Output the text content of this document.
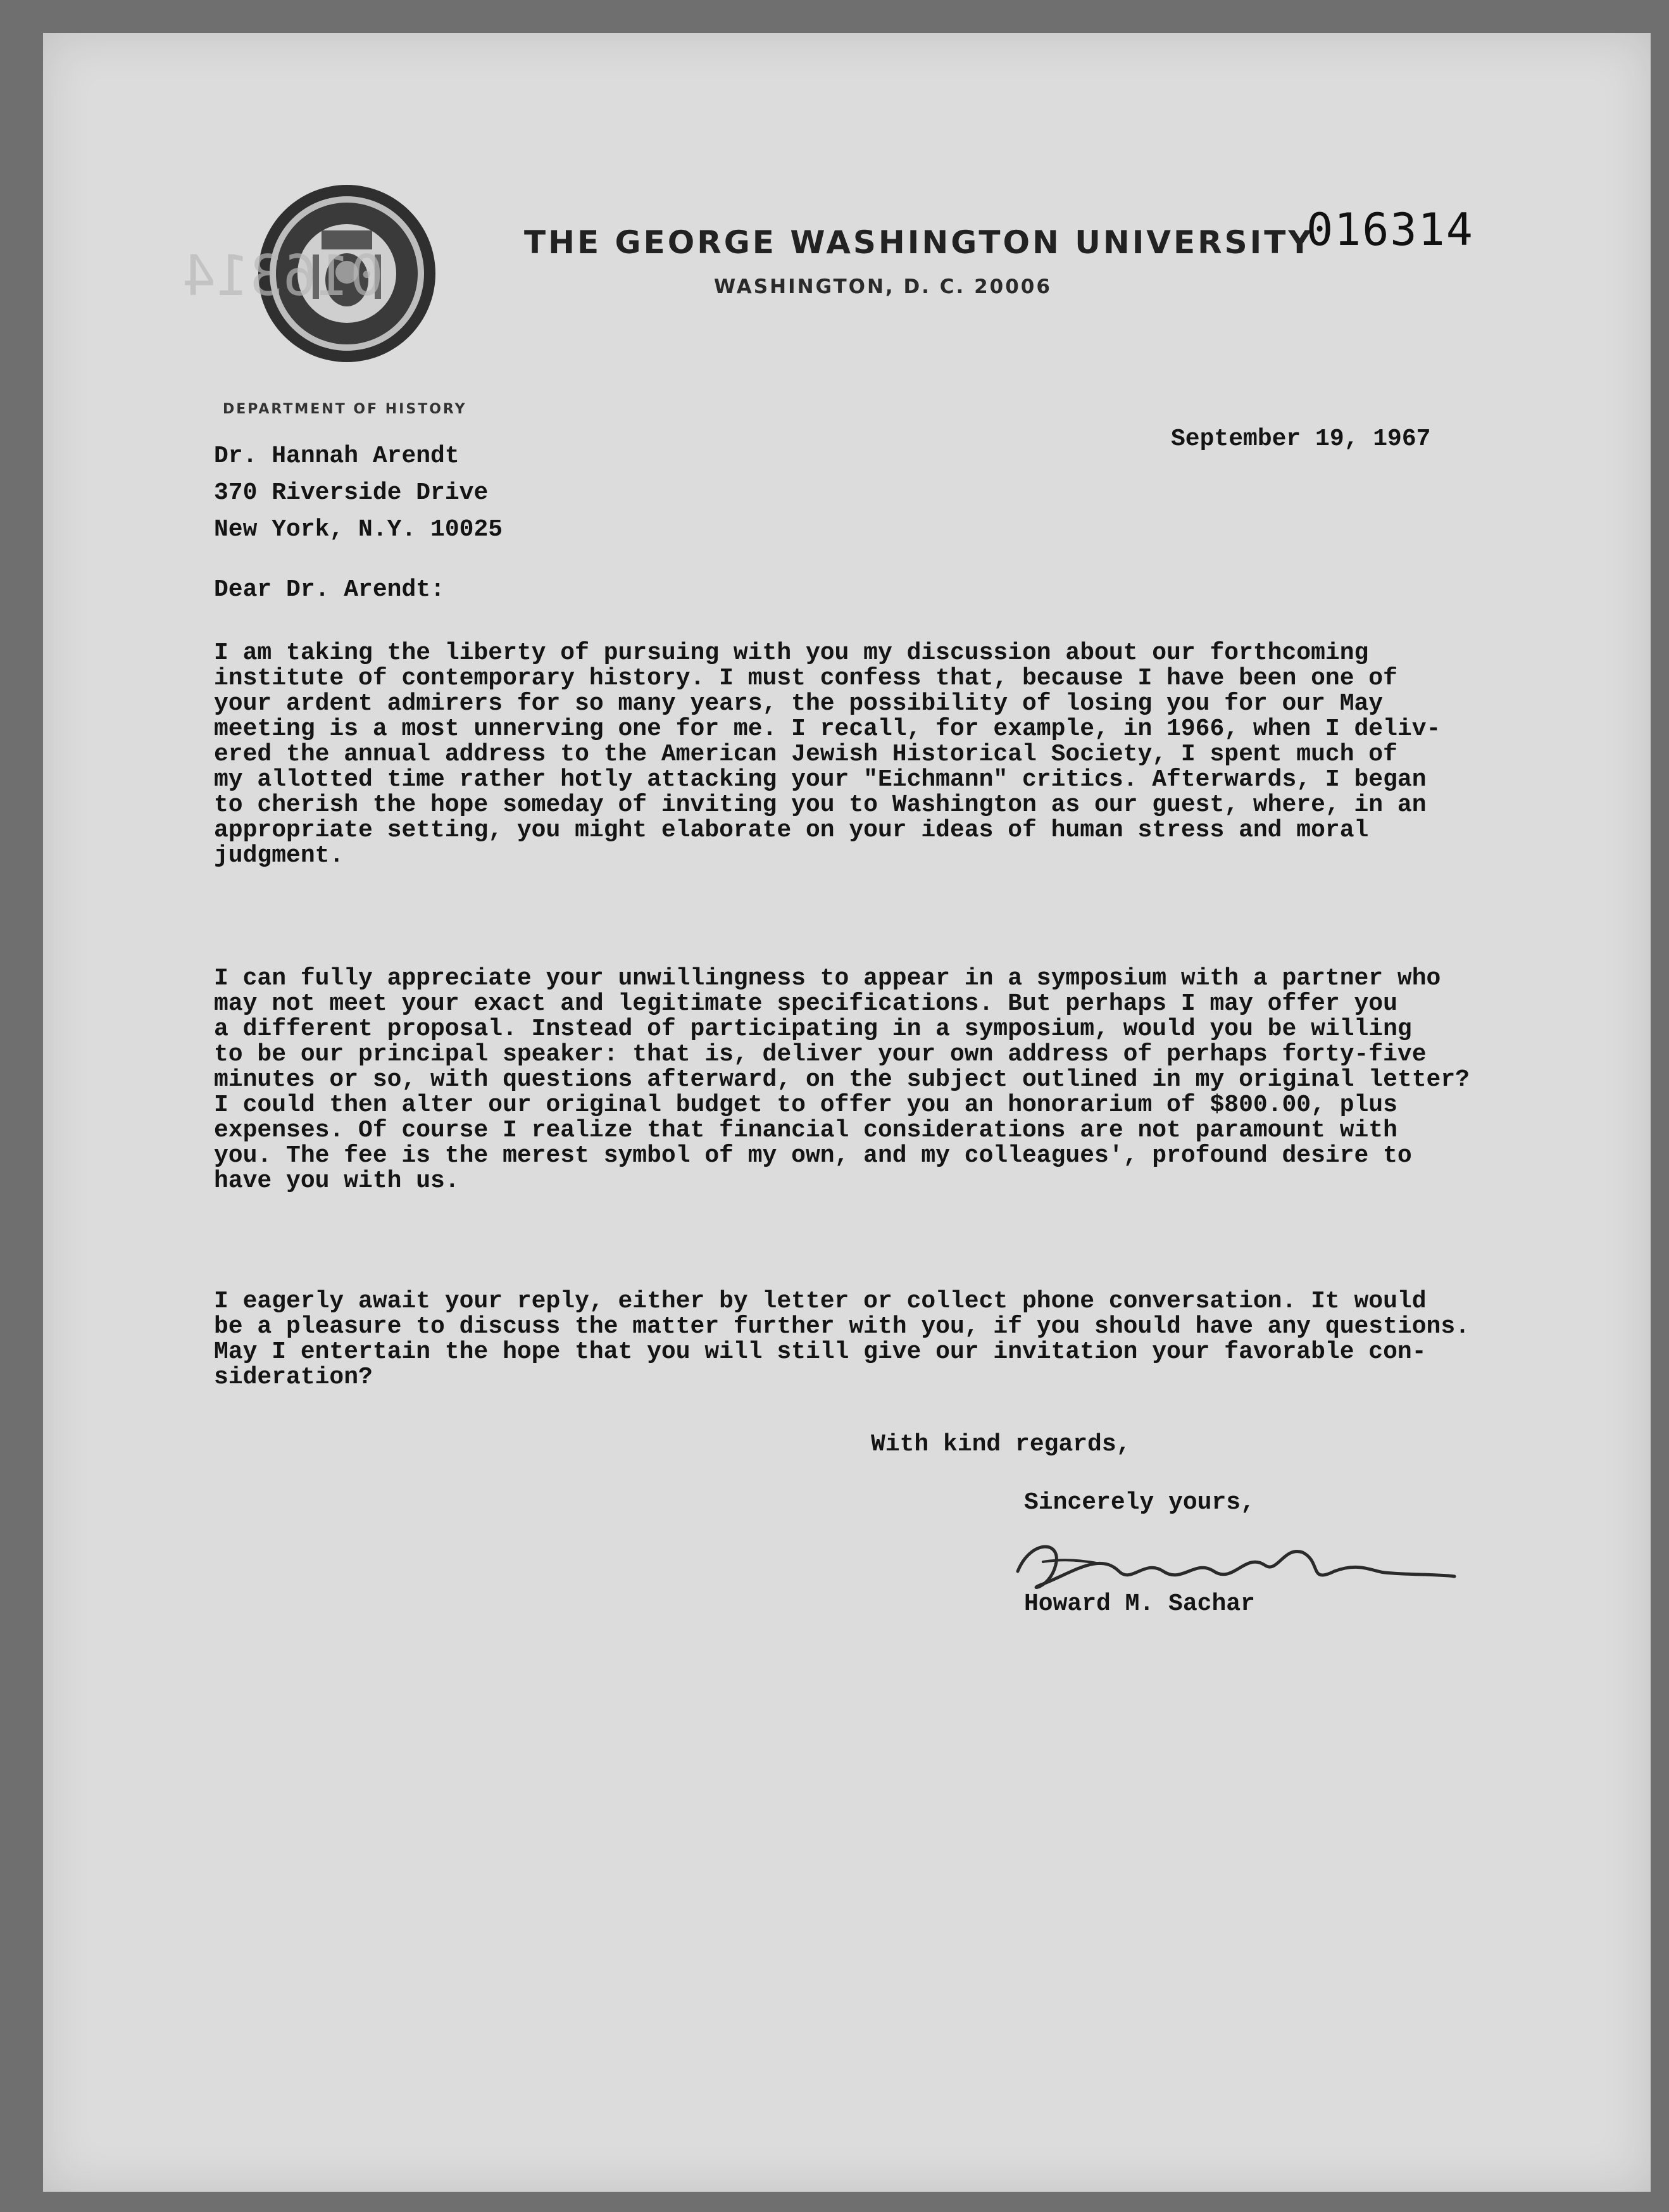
016314
THE GEORGE WASHINGTON UNIVERSITY
WASHINGTON, D. C. 20006
DEPARTMENT OF HISTORY
016314
September 19, 1967
Dr. Hannah Arendt
370 Riverside Drive
New York, N.Y. 10025
Dear Dr. Arendt:
I am taking the liberty of pursuing with you my discussion about our forthcoming
institute of contemporary history. I must confess that, because I have been one of
your ardent admirers for so many years, the possibility of losing you for our May
meeting is a most unnerving one for me. I recall, for example, in 1966, when I deliv-
ered the annual address to the American Jewish Historical Society, I spent much of
my allotted time rather hotly attacking your "Eichmann" critics. Afterwards, I began
to cherish the hope someday of inviting you to Washington as our guest, where, in an
appropriate setting, you might elaborate on your ideas of human stress and moral
judgment.
I can fully appreciate your unwillingness to appear in a symposium with a partner who
may not meet your exact and legitimate specifications. But perhaps I may offer you
a different proposal. Instead of participating in a symposium, would you be willing
to be our principal speaker: that is, deliver your own address of perhaps forty-five
minutes or so, with questions afterward, on the subject outlined in my original letter?
I could then alter our original budget to offer you an honorarium of $800.00, plus
expenses. Of course I realize that financial considerations are not paramount with
you. The fee is the merest symbol of my own, and my colleagues', profound desire to
have you with us.
I eagerly await your reply, either by letter or collect phone conversation. It would
be a pleasure to discuss the matter further with you, if you should have any questions.
May I entertain the hope that you will still give our invitation your favorable con-
sideration?
With kind regards,
Sincerely yours,
Howard M. Sachar
